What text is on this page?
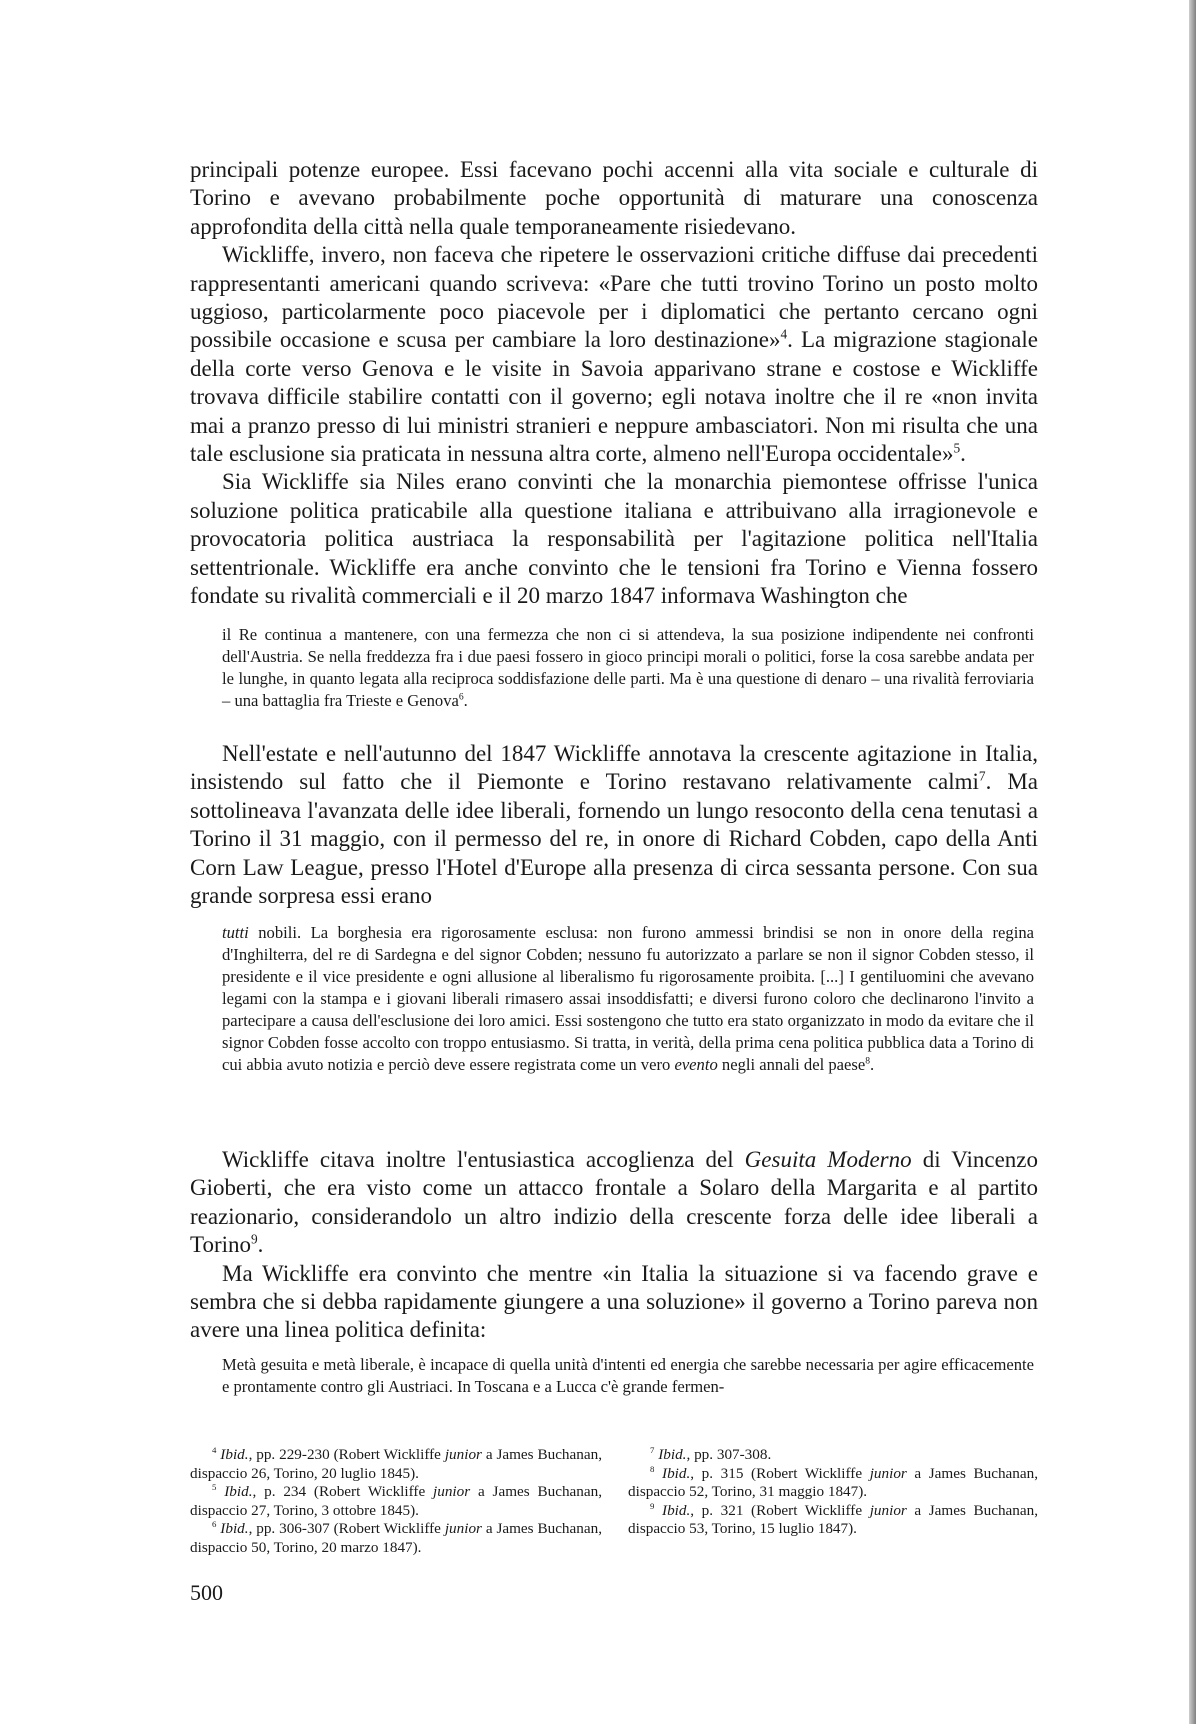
principali potenze europee. Essi facevano pochi accenni alla vita sociale e culturale di Torino e avevano probabilmente poche opportunità di maturare una conoscenza approfondita della città nella quale temporaneamente risiedevano.

Wickliffe, invero, non faceva che ripetere le osservazioni critiche diffuse dai precedenti rappresentanti americani quando scriveva: «Pare che tutti trovino Torino un posto molto uggioso, particolarmente poco piacevole per i diplomatici che pertanto cercano ogni possibile occasione e scusa per cambiare la loro destinazione»$^4$. La migrazione stagionale della corte verso Genova e le visite in Savoia apparivano strane e costose e Wickliffe trovava difficile stabilire contatti con il governo; egli notava inoltre che il re «non invita mai a pranzo presso di lui ministri stranieri e neppure ambasciatori. Non mi risulta che una tale esclusione sia praticata in nessuna altra corte, almeno nell'Europa occidentale»$^5$.

Sia Wickliffe sia Niles erano convinti che la monarchia piemontese offrisse l'unica soluzione politica praticabile alla questione italiana e attribuivano alla irragionevole e provocatoria politica austriaca la responsabilità per l'agitazione politica nell'Italia settentrionale. Wickliffe era anche convinto che le tensioni fra Torino e Vienna fossero fondate su rivalità commerciali e il 20 marzo 1847 informava Washington che

il Re continua a mantenere, con una fermezza che non ci si attendeva, la sua posizione indipendente nei confronti dell'Austria. Se nella freddezza fra i due paesi fossero in gioco principi morali o politici, forse la cosa sarebbe andata per le lunghe, in quanto legata alla reciproca soddisfazione delle parti. Ma è una questione di denaro – una rivalità ferroviaria – una battaglia fra Trieste e Genova$^6$.

Nell'estate e nell'autunno del 1847 Wickliffe annotava la crescente agitazione in Italia, insistendo sul fatto che il Piemonte e Torino restavano relativamente calmi$^7$. Ma sottolineava l'avanzata delle idee liberali, fornendo un lungo resoconto della cena tenutasi a Torino il 31 maggio, con il permesso del re, in onore di Richard Cobden, capo della Anti Corn Law League, presso l'Hotel d'Europe alla presenza di circa sessanta persone. Con sua grande sorpresa essi erano

tutti nobili. La borghesia era rigorosamente esclusa: non furono ammessi brindisi se non in onore della regina d'Inghilterra, del re di Sardegna e del signor Cobden; nessuno fu autorizzato a parlare se non il signor Cobden stesso, il presidente e il vice presidente e ogni allusione al liberalismo fu rigorosamente proibita. [...] I gentiluomini che avevano legami con la stampa e i giovani liberali rimasero assai insoddisfatti; e diversi furono coloro che declinarono l'invito a partecipare a causa dell'esclusione dei loro amici. Essi sostengono che tutto era stato organizzato in modo da evitare che il signor Cobden fosse accolto con troppo entusiasmo. Si tratta, in verità, della prima cena politica pubblica data a Torino di cui abbia avuto notizia e perciò deve essere registrata come un vero evento negli annali del paese$^8$.

Wickliffe citava inoltre l'entusiastica accoglienza del Gesuita Moderno di Vincenzo Gioberti, che era visto come un attacco frontale a Solaro della Margarita e al partito reazionario, considerandolo un altro indizio della crescente forza delle idee liberali a Torino$^9$.

Ma Wickliffe era convinto che mentre «in Italia la situazione si va facendo grave e sembra che si debba rapidamente giungere a una soluzione» il governo a Torino pareva non avere una linea politica definita:

Metà gesuita e metà liberale, è incapace di quella unità d'intenti ed energia che sarebbe necessaria per agire efficacemente e prontamente contro gli Austriaci. In Toscana e a Lucca c'è grande fermen-

$^4$ Ibid., pp. 229-230 (Robert Wickliffe junior a James Buchanan, dispaccio 26, Torino, 20 luglio 1845).

$^5$ Ibid., p. 234 (Robert Wickliffe junior a James Buchanan, dispaccio 27, Torino, 3 ottobre 1845).

$^6$ Ibid., pp. 306-307 (Robert Wickliffe junior a James Buchanan, dispaccio 50, Torino, 20 marzo 1847).

$^7$ Ibid., pp. 307-308.

$^8$ Ibid., p. 315 (Robert Wickliffe junior a James Buchanan, dispaccio 52, Torino, 31 maggio 1847).

$^9$ Ibid., p. 321 (Robert Wickliffe junior a James Buchanan, dispaccio 53, Torino, 15 luglio 1847).

500
